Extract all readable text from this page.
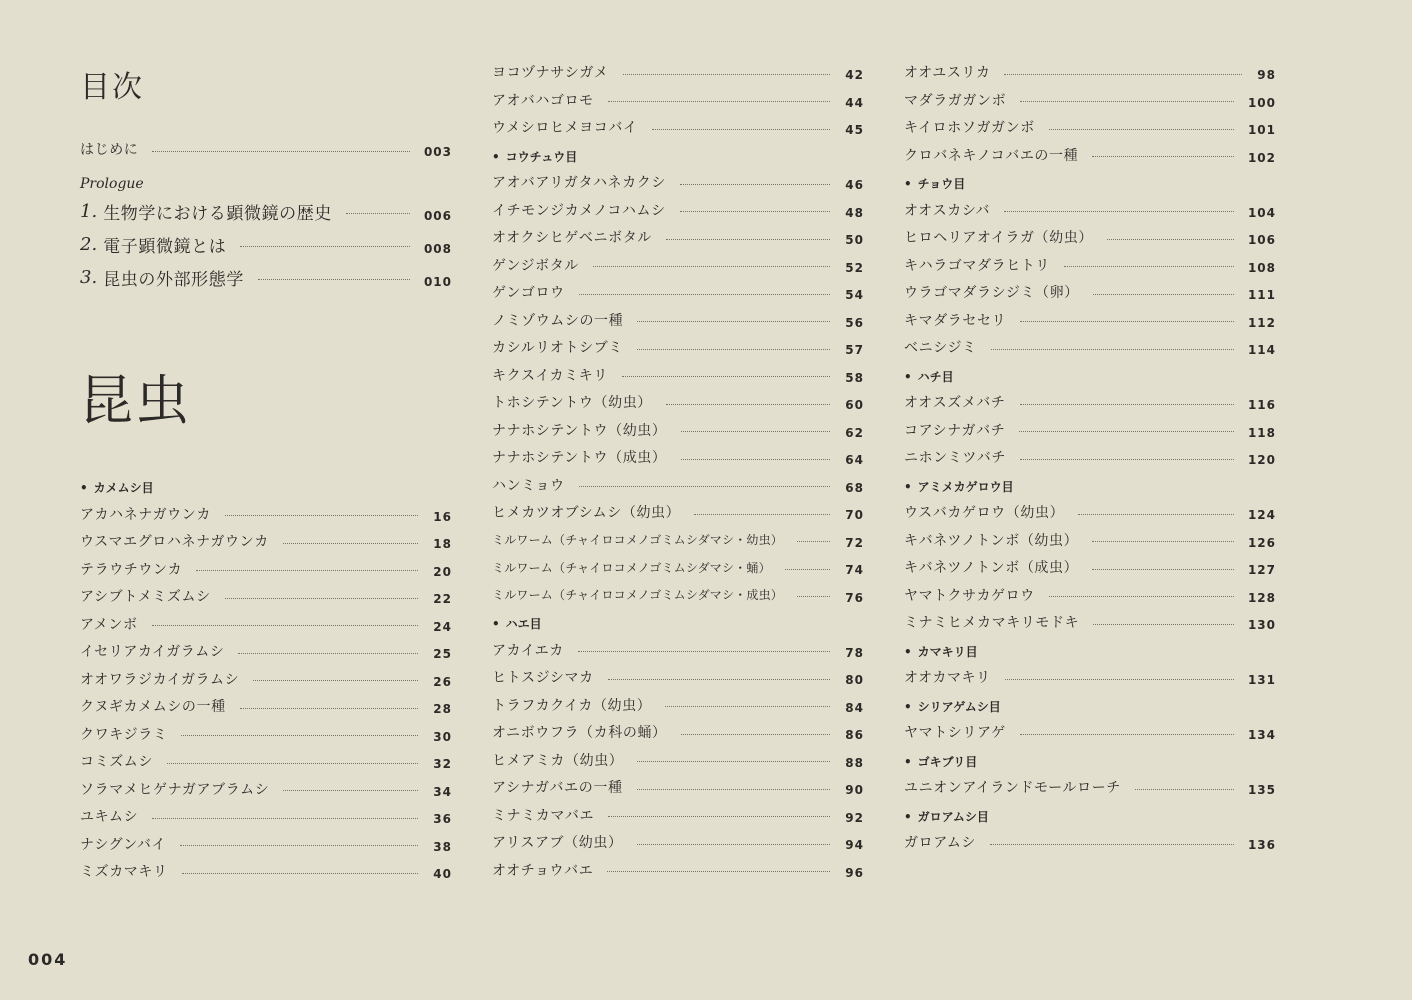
目次
はじめに	003
Prologue
1. 生物学における顕微鏡の歴史	006
2. 電子顕微鏡とは	008
3. 昆虫の外部形態学	010
昆虫
• カメムシ目
アカハネナガウンカ	16
ウスマエグロハネナガウンカ	18
テラウチウンカ	20
アシブトメミズムシ	22
アメンボ	24
イセリアカイガラムシ	25
オオワラジカイガラムシ	26
クヌギカメムシの一種	28
クワキジラミ	30
コミズムシ	32
ソラマメヒゲナガアブラムシ	34
ユキムシ	36
ナシグンバイ	38
ミズカマキリ	40
ヨコヅナサシガメ	42
アオバハゴロモ	44
ウメシロヒメヨコバイ	45
• コウチュウ目
アオバアリガタハネカクシ	46
イチモンジカメノコハムシ	48
オオクシヒゲベニボタル	50
ゲンジボタル	52
ゲンゴロウ	54
ノミゾウムシの一種	56
カシルリオトシブミ	57
キクスイカミキリ	58
トホシテントウ（幼虫）	60
ナナホシテントウ（幼虫）	62
ナナホシテントウ（成虫）	64
ハンミョウ	68
ヒメカツオブシムシ（幼虫）	70
ミルワーム（チャイロコメノゴミムシダマシ・幼虫）	72
ミルワーム（チャイロコメノゴミムシダマシ・蛹）	74
ミルワーム（チャイロコメノゴミムシダマシ・成虫）	76
• ハエ目
アカイエカ	78
ヒトスジシマカ	80
トラフカクイカ（幼虫）	84
オニボウフラ（カ科の蛹）	86
ヒメアミカ（幼虫）	88
アシナガバエの一種	90
ミナミカマバエ	92
アリスアブ（幼虫）	94
オオチョウバエ	96
オオユスリカ	98
マダラガガンボ	100
キイロホソガガンボ	101
クロバネキノコバエの一種	102
• チョウ目
オオスカシバ	104
ヒロヘリアオイラガ（幼虫）	106
キハラゴマダラヒトリ	108
ウラゴマダラシジミ（卵）	111
キマダラセセリ	112
ベニシジミ	114
• ハチ目
オオスズメバチ	116
コアシナガバチ	118
ニホンミツバチ	120
• アミメカゲロウ目
ウスバカゲロウ（幼虫）	124
キバネツノトンボ（幼虫）	126
キバネツノトンボ（成虫）	127
ヤマトクサカゲロウ	128
ミナミヒメカマキリモドキ	130
• カマキリ目
オオカマキリ	131
• シリアゲムシ目
ヤマトシリアゲ	134
• ゴキブリ目
ユニオンアイランドモールローチ	135
• ガロアムシ目
ガロアムシ	136
004
